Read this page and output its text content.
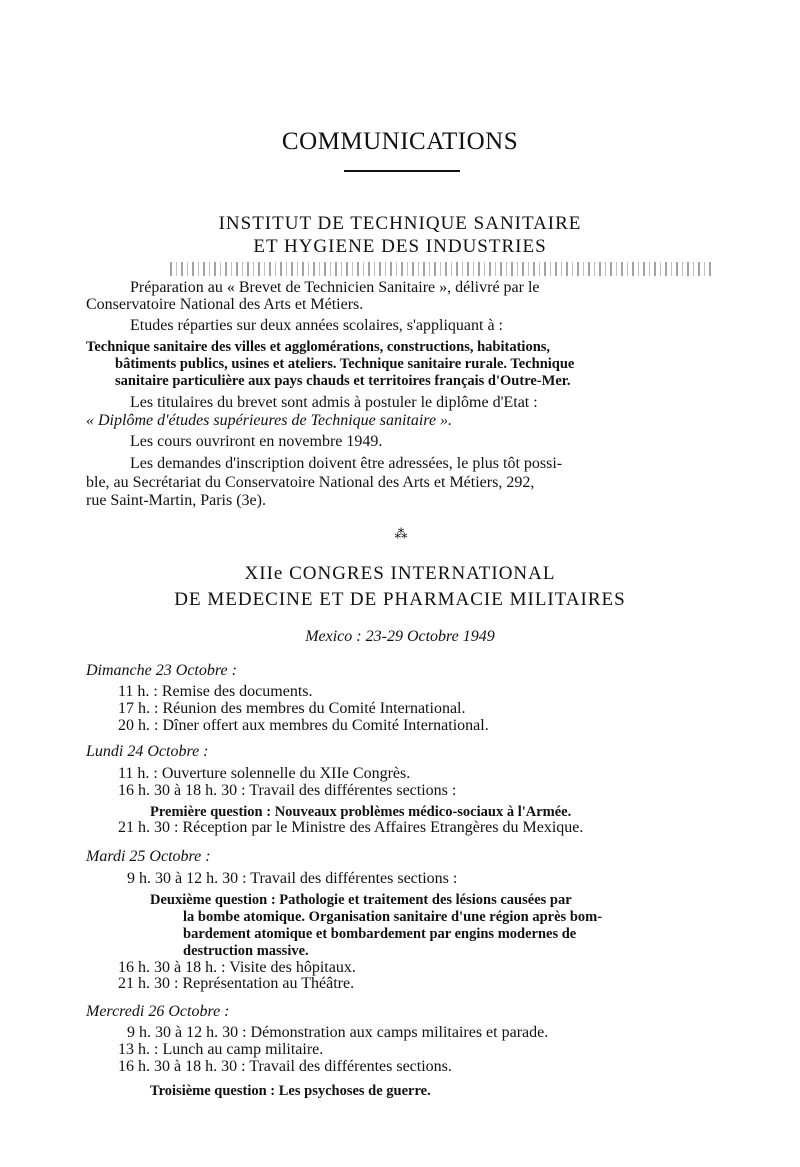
COMMUNICATIONS
INSTITUT DE TECHNIQUE SANITAIRE
ET HYGIENE DES INDUSTRIES
Préparation au « Brevet de Technicien Sanitaire », délivré par le
Conservatoire National des Arts et Métiers.
Etudes réparties sur deux années scolaires, s'appliquant à :
Technique sanitaire des villes et agglomérations, constructions, habitations,
bâtiments publics, usines et ateliers. Technique sanitaire rurale. Technique
sanitaire particulière aux pays chauds et territoires français d'Outre-Mer.
Les titulaires du brevet sont admis à postuler le diplôme d'Etat :
« Diplôme d'études supérieures de Technique sanitaire ».
Les cours ouvriront en novembre 1949.
Les demandes d'inscription doivent être adressées, le plus tôt possi-
ble, au Secrétariat du Conservatoire National des Arts et Métiers, 292,
rue Saint-Martin, Paris (3e).
⁂
XIIe CONGRES INTERNATIONAL
DE MEDECINE ET DE PHARMACIE MILITAIRES
Mexico : 23-29 Octobre 1949
Dimanche 23 Octobre :
11 h. : Remise des documents.
17 h. : Réunion des membres du Comité International.
20 h. : Dîner offert aux membres du Comité International.
Lundi 24 Octobre :
11 h. : Ouverture solennelle du XIIe Congrès.
16 h. 30 à 18 h. 30 : Travail des différentes sections :
Première question : Nouveaux problèmes médico-sociaux à l'Armée.
21 h. 30 : Réception par le Ministre des Affaires Etrangères du Mexique.
Mardi 25 Octobre :
9 h. 30 à 12 h. 30 : Travail des différentes sections :
Deuxième question : Pathologie et traitement des lésions causées par
la bombe atomique. Organisation sanitaire d'une région après bom-
bardement atomique et bombardement par engins modernes de
destruction massive.
16 h. 30 à 18 h. : Visite des hôpitaux.
21 h. 30 : Représentation au Théâtre.
Mercredi 26 Octobre :
9 h. 30 à 12 h. 30 : Démonstration aux camps militaires et parade.
13 h. : Lunch au camp militaire.
16 h. 30 à 18 h. 30 : Travail des différentes sections.
Troisième question : Les psychoses de guerre.
